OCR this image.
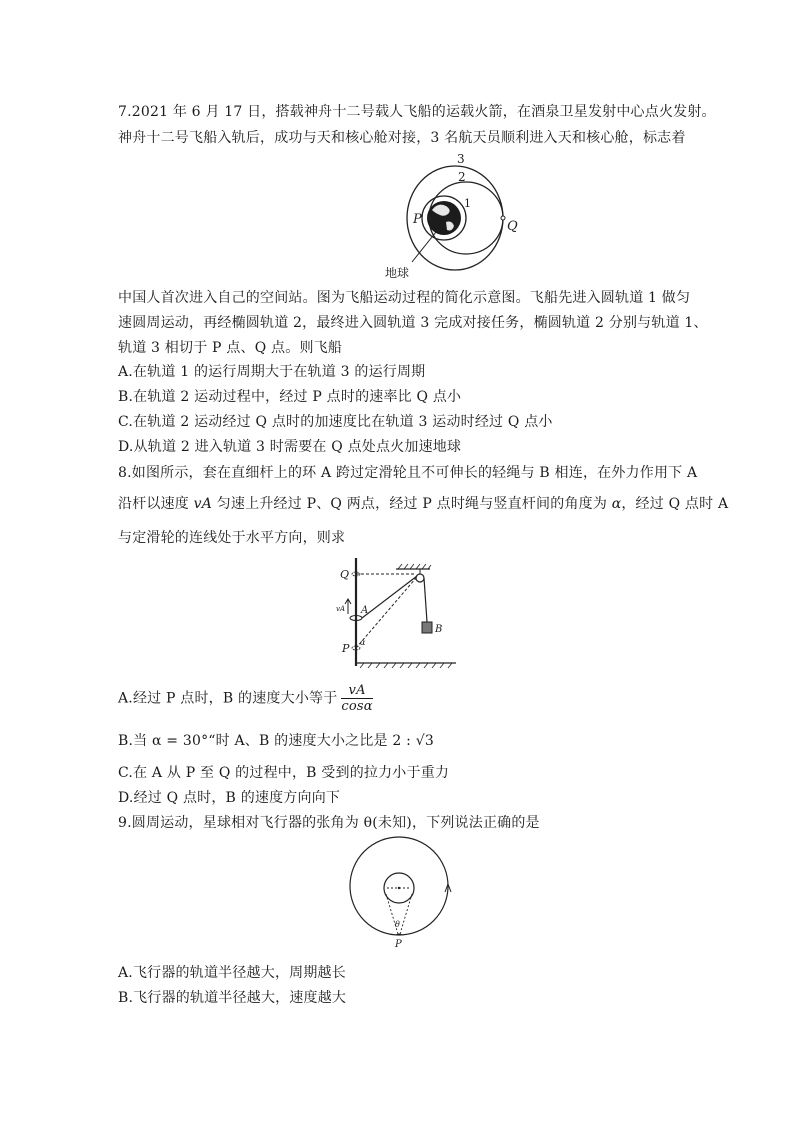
7.2021 年 6 月 17 日，搭载神舟十二号载人飞船的运载火箭，在酒泉卫星发射中心点火发射。
神舟十二号飞船入轨后，成功与天和核心舱对接，3 名航天员顺利进入天和核心舱，标志着
3
2
1
P	Q
地球
中国人首次进入自己的空间站。图为飞船运动过程的简化示意图。飞船先进入圆轨道 1 做匀
速圆周运动，再经椭圆轨道 2，最终进入圆轨道 3 完成对接任务，椭圆轨道 2 分别与轨道 1、
轨道 3 相切于 P 点、Q 点。则飞船
A.在轨道 1 的运行周期大于在轨道 3 的运行周期
B.在轨道 2 运动过程中，经过 P 点时的速率比 Q 点小
C.在轨道 2 运动经过 Q 点时的加速度比在轨道 3 运动时经过 Q 点小
D.从轨道 2 进入轨道 3 时需要在 Q 点处点火加速地球
8.如图所示，套在直细杆上的环 A 跨过定滑轮且不可伸长的轻绳与 B 相连，在外力作用下 A
沿杆以速度 vA 匀速上升经过 P、Q 两点，经过 P 点时绳与竖直杆间的角度为 α，经过 Q 点时 A
与定滑轮的连线处于水平方向，则求
Q
A
vA
α
P
B
A.经过 P 点时，B 的速度大小等于 $\frac{vA}{\cos\alpha}$
B.当 α = 30°“时 A、B 的速度大小之比是 2 : √3
C.在 A 从 P 至 Q 的过程中，B 受到的拉力小于重力
D.经过 Q 点时，B 的速度方向向下
9.圆周运动，星球相对飞行器的张角为 θ(未知)，下列说法正确的是
θ
P
A.飞行器的轨道半径越大，周期越长
B.飞行器的轨道半径越大，速度越大
